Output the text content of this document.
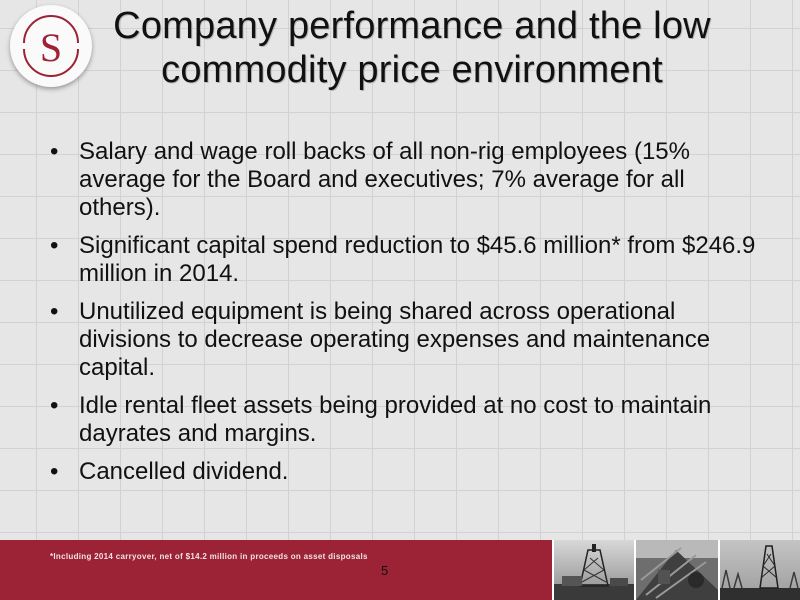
S	Company performance and the low
commodity price environment
• Salary and wage roll backs of all non-rig employees (15% average for the Board and executives; 7% average for all others).
• Significant capital spend reduction to $45.6 million* from $246.9 million in 2014.
• Unutilized equipment is being shared across operational divisions to decrease operating expenses and maintenance capital.
• Idle rental fleet assets being provided at no cost to maintain dayrates and margins.
• Cancelled dividend.
*Including 2014 carryover, net of $14.2 million in proceeds on asset disposals
5
